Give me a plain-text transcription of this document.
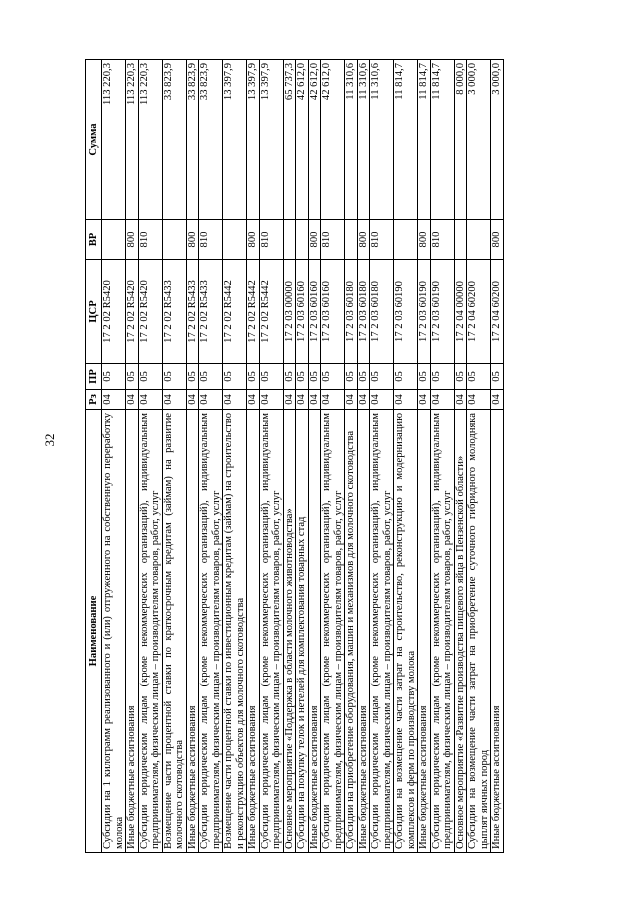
32
Наименование	Рз	ПР	ЦСР	ВР	Сумма
Субсидии на 1 килограмм реализованного и (или) отгруженного на собственную переработку молока	04	05	17 2 02 R5420		113 220,3
Иные бюджетные ассигнования	04	05	17 2 02 R5420	800	113 220,3
Субсидии юридическим лицам (кроме некоммерческих организаций), индивидуальным предпринимателям, физическим лицам – производителям товаров, работ, услуг	04	05	17 2 02 R5420	810	113 220,3
Возмещение части процентной ставки по краткосрочным кредитам (займам) на развитие молочного скотоводства	04	05	17 2 02 R5433		33 823,9
Иные бюджетные ассигнования	04	05	17 2 02 R5433	800	33 823,9
Субсидии юридическим лицам (кроме некоммерческих организаций), индивидуальным предпринимателям, физическим лицам – производителям товаров, работ, услуг	04	05	17 2 02 R5433	810	33 823,9
Возмещение части процентной ставки по инвестиционным кредитам (займам) на строительство и реконструкцию объектов для молочного скотоводства	04	05	17 2 02 R5442		13 397,9
Иные бюджетные ассигнования	04	05	17 2 02 R5442	800	13 397,9
Субсидии юридическим лицам (кроме некоммерческих организаций), индивидуальным предпринимателям, физическим лицам – производителям товаров, работ, услуг	04	05	17 2 02 R5442	810	13 397,9
Основное мероприятие «Поддержка в области молочного животноводства»	04	05	17 2 03 00000		65 737,3
Субсидии на покупку телок и нетелей для комплектования товарных стад	04	05	17 2 03 60160		42 612,0
Иные бюджетные ассигнования	04	05	17 2 03 60160	800	42 612,0
Субсидии юридическим лицам (кроме некоммерческих организаций), индивидуальным предпринимателям, физическим лицам – производителям товаров, работ, услуг	04	05	17 2 03 60160	810	42 612,0
Субсидии на приобретение оборудования, машин и механизмов для молочного скотоводства	04	05	17 2 03 60180		11 310,6
Иные бюджетные ассигнования	04	05	17 2 03 60180	800	11 310,6
Субсидии юридическим лицам (кроме некоммерческих организаций), индивидуальным предпринимателям, физическим лицам – производителям товаров, работ, услуг	04	05	17 2 03 60180	810	11 310,6
Субсидии на возмещение части затрат на строительство, реконструкцию и модернизацию комплексов и ферм по производству молока	04	05	17 2 03 60190		11 814,7
Иные бюджетные ассигнования	04	05	17 2 03 60190	800	11 814,7
Субсидии юридическим лицам (кроме некоммерческих организаций), индивидуальным предпринимателям, физическим лицам – производителям товаров, работ, услуг	04	05	17 2 03 60190	810	11 814,7
Основное мероприятие «Развитие производства пищевого яйца в Пензенской области»	04	05	17 2 04 00000		8 000,0
Субсидии на возмещение части затрат на приобретение суточного гибридного молодняка цыплят яичных пород	04	05	17 2 04 60200		3 000,0
Иные бюджетные ассигнования	04	05	17 2 04 60200	800	3 000,0
